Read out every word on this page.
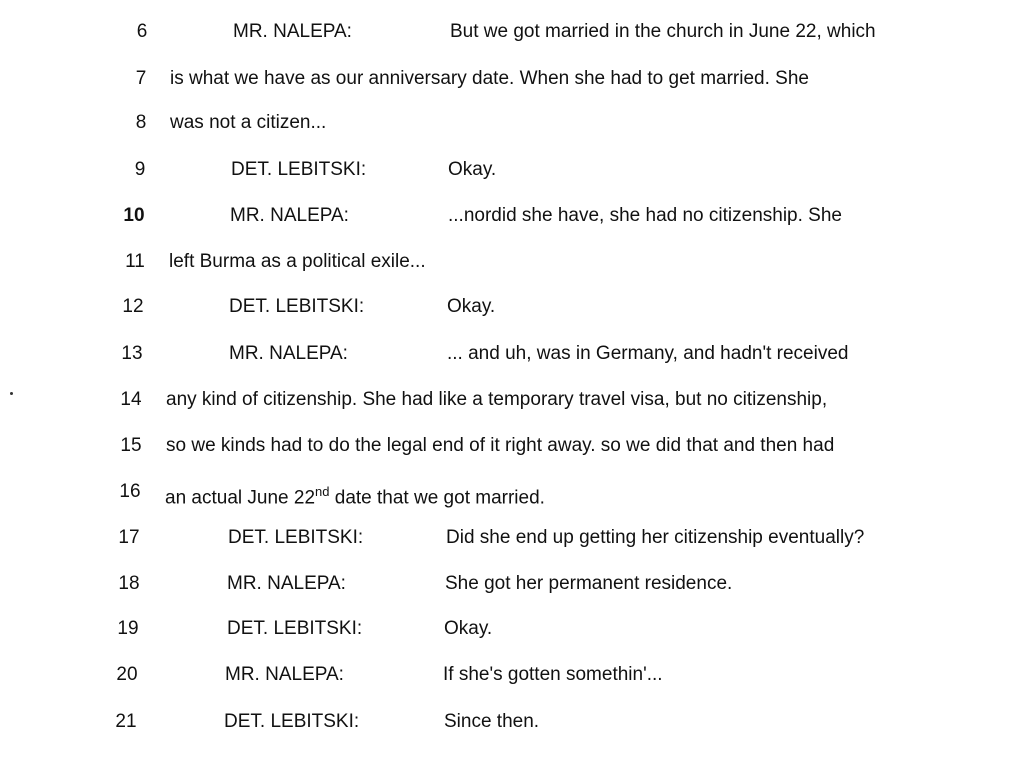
6	MR. NALEPA:	But we got married in the church in June 22, which
7	is what we have as our anniversary date. When she had to get married. She
8	was not a citizen...
9	DET. LEBITSKI:	Okay.
10	MR. NALEPA:	...nordid she have, she had no citizenship. She
11	left Burma as a political exile...
12	DET. LEBITSKI:	Okay.
13	MR. NALEPA:	... and uh, was in Germany, and hadn't received
14	any kind of citizenship. She had like a temporary travel visa, but no citizenship,
15	so we kinds had to do the legal end of it right away. so we did that and then had
16	an actual June 22nd date that we got married.
17	DET. LEBITSKI:	Did she end up getting her citizenship eventually?
18	MR. NALEPA:	She got her permanent residence.
19	DET. LEBITSKI:	Okay.
20	MR. NALEPA:	If she's gotten somethin'...
21	DET. LEBITSKI:	Since then.
